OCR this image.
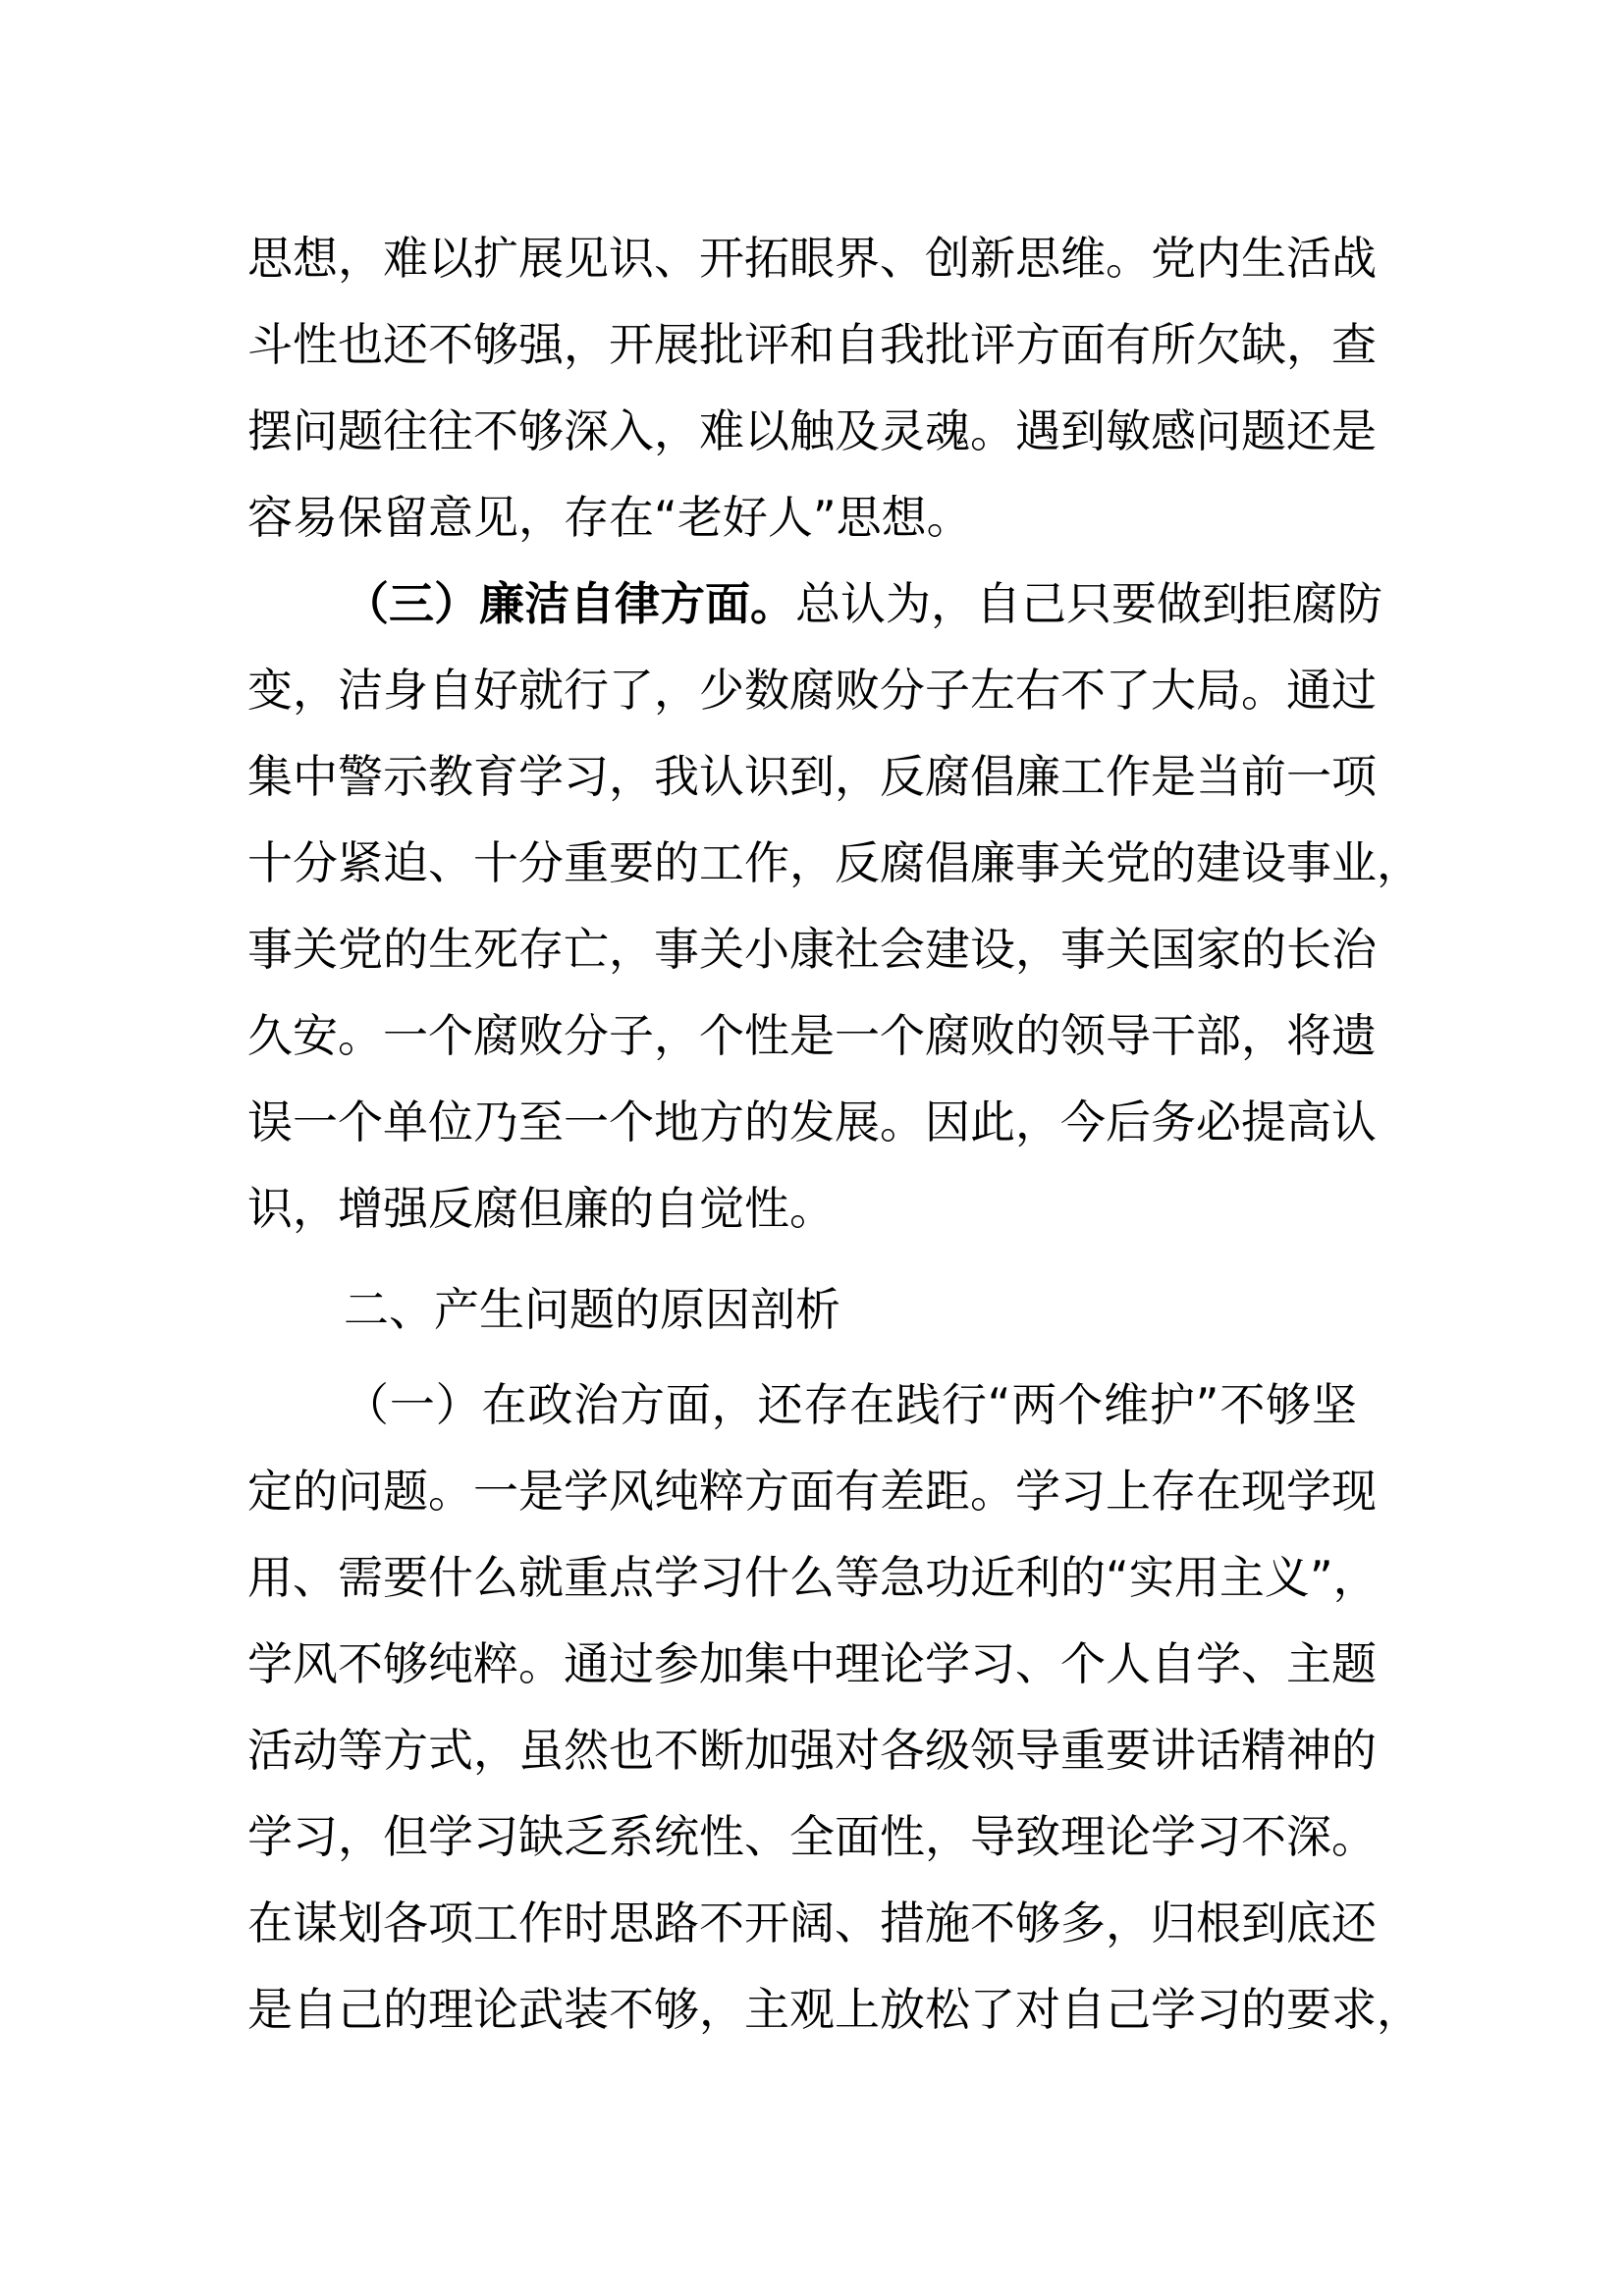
思想，难以扩展见识、开拓眼界、创新思维。党内生活战
斗性也还不够强，开展批评和自我批评方面有所欠缺，查
摆问题往往不够深入，难以触及灵魂。遇到敏感问题还是
容易保留意见，存在“老好人”思想。
（三）廉洁自律方面。总认为，自己只要做到拒腐防
变，洁身自好就行了，少数腐败分子左右不了大局。通过
集中警示教育学习，我认识到，反腐倡廉工作是当前一项
十分紧迫、十分重要的工作，反腐倡廉事关党的建设事业，
事关党的生死存亡，事关小康社会建设，事关国家的长治
久安。一个腐败分子，个性是一个腐败的领导干部，将遗
误一个单位乃至一个地方的发展。因此，今后务必提高认
识，增强反腐但廉的自觉性。
二、产生问题的原因剖析
（一）在政治方面，还存在践行“两个维护”不够坚
定的问题。一是学风纯粹方面有差距。学习上存在现学现
用、需要什么就重点学习什么等急功近利的“实用主义”，
学风不够纯粹。通过参加集中理论学习、个人自学、主题
活动等方式，虽然也不断加强对各级领导重要讲话精神的
学习，但学习缺乏系统性、全面性，导致理论学习不深。
在谋划各项工作时思路不开阔、措施不够多，归根到底还
是自己的理论武装不够，主观上放松了对自己学习的要求，
